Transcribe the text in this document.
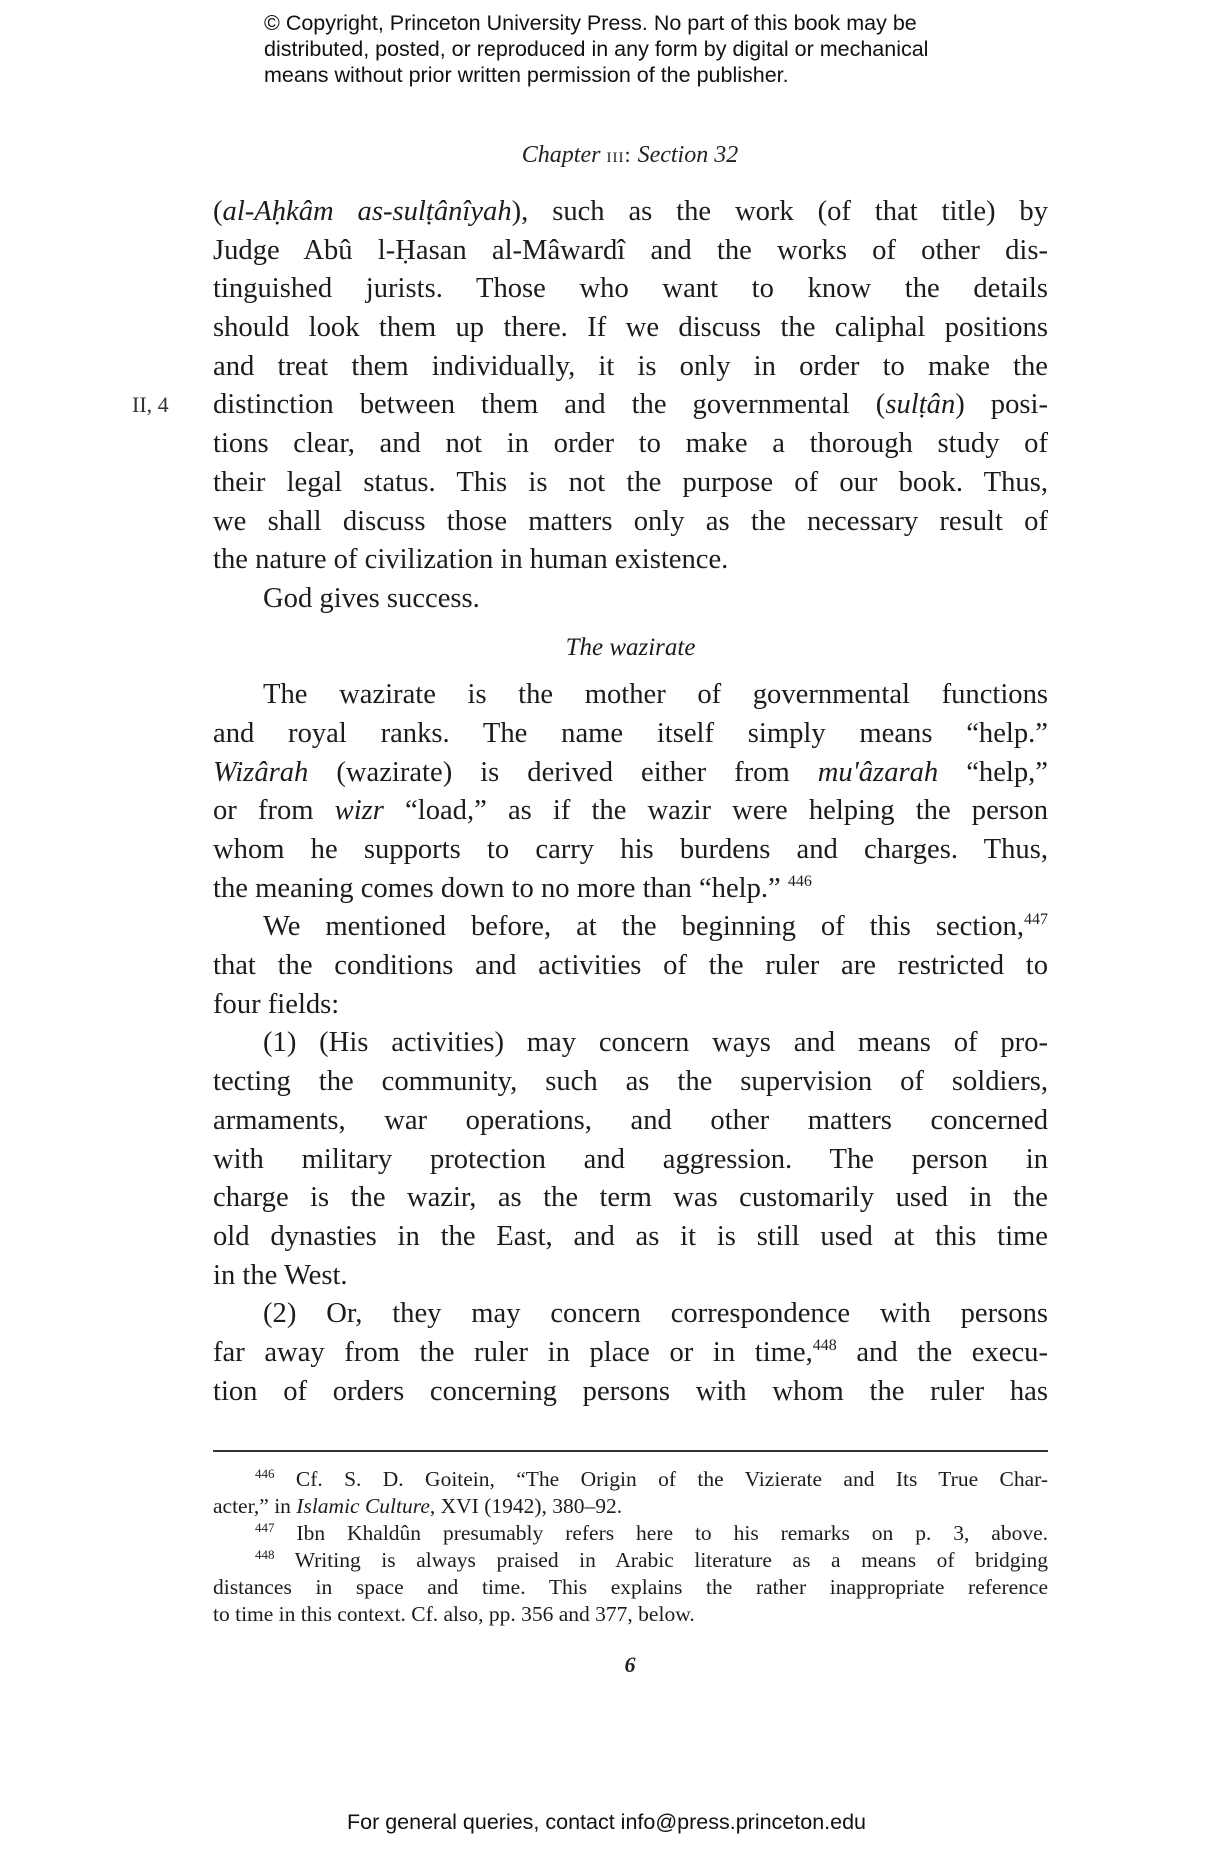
© Copyright, Princeton University Press. No part of this book may be
distributed, posted, or reproduced in any form by digital or mechanical
means without prior written permission of the publisher.
Chapter iii: Section 32
II, 4
(al-Aḥkâm as-sulṭânîyah), such as the work (of that title) by
Judge Abû l-Ḥasan al-Mâwardî and the works of other dis-
tinguished jurists. Those who want to know the details
should look them up there. If we discuss the caliphal positions
and treat them individually, it is only in order to make the
distinction between them and the governmental (sulṭân) posi-
tions clear, and not in order to make a thorough study of
their legal status. This is not the purpose of our book. Thus,
we shall discuss those matters only as the necessary result of
the nature of civilization in human existence.
God gives success.
The wazirate
The wazirate is the mother of governmental functions
and royal ranks. The name itself simply means “help.”
Wizârah (wazirate) is derived either from mu'âzarah “help,”
or from wizr “load,” as if the wazir were helping the person
whom he supports to carry his burdens and charges. Thus,
the meaning comes down to no more than “help.” $^{446}$
We mentioned before, at the beginning of this section,$^{447}$
that the conditions and activities of the ruler are restricted to
four fields:
(1) (His activities) may concern ways and means of pro-
tecting the community, such as the supervision of soldiers,
armaments, war operations, and other matters concerned
with military protection and aggression. The person in
charge is the wazir, as the term was customarily used in the
old dynasties in the East, and as it is still used at this time
in the West.
(2) Or, they may concern correspondence with persons
far away from the ruler in place or in time,$^{448}$ and the execu-
tion of orders concerning persons with whom the ruler has
$^{446}$ Cf. S. D. Goitein, “The Origin of the Vizierate and Its True Char-
acter,” in Islamic Culture, XVI (1942), 380–92.
$^{447}$ Ibn Khaldûn presumably refers here to his remarks on p. 3, above.
$^{448}$ Writing is always praised in Arabic literature as a means of bridging
distances in space and time. This explains the rather inappropriate reference
to time in this context. Cf. also, pp. 356 and 377, below.
6
For general queries, contact info@press.princeton.edu
